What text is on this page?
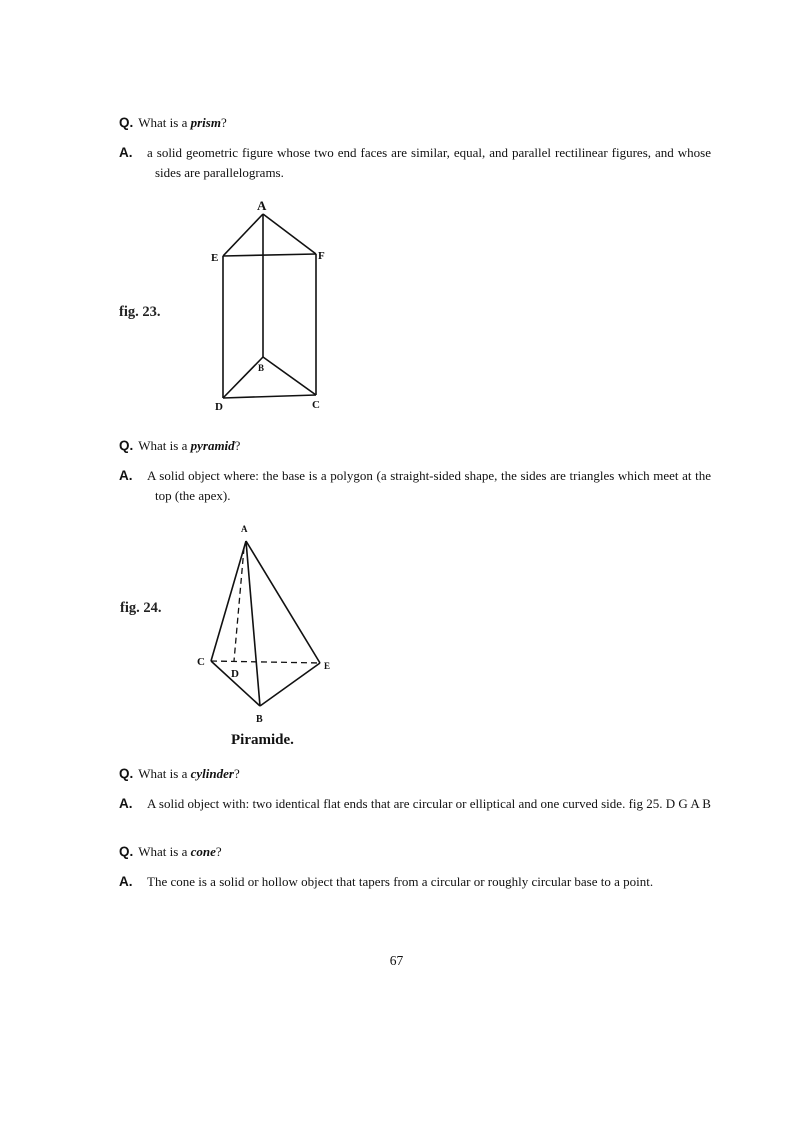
Q. What is a prism?
A. a solid geometric figure whose two end faces are similar, equal, and parallel rectilinear figures, and whose sides are parallelograms.
fig. 23.
A
E	F
B
D	C
Q. What is a pyramid?
A. A solid object where: the base is a polygon (a straight-sided shape, the sides are triangles which meet at the top (the apex).
fig. 24.
A
C
D
E
B
Piramide.
Q. What is a cylinder?
A. A solid object with: two identical flat ends that are circular or elliptical and one curved side. fig 25. D G A B
Q. What is a cone?
A. The cone is a solid or hollow object that tapers from a circular or roughly circular base to a point.
67
